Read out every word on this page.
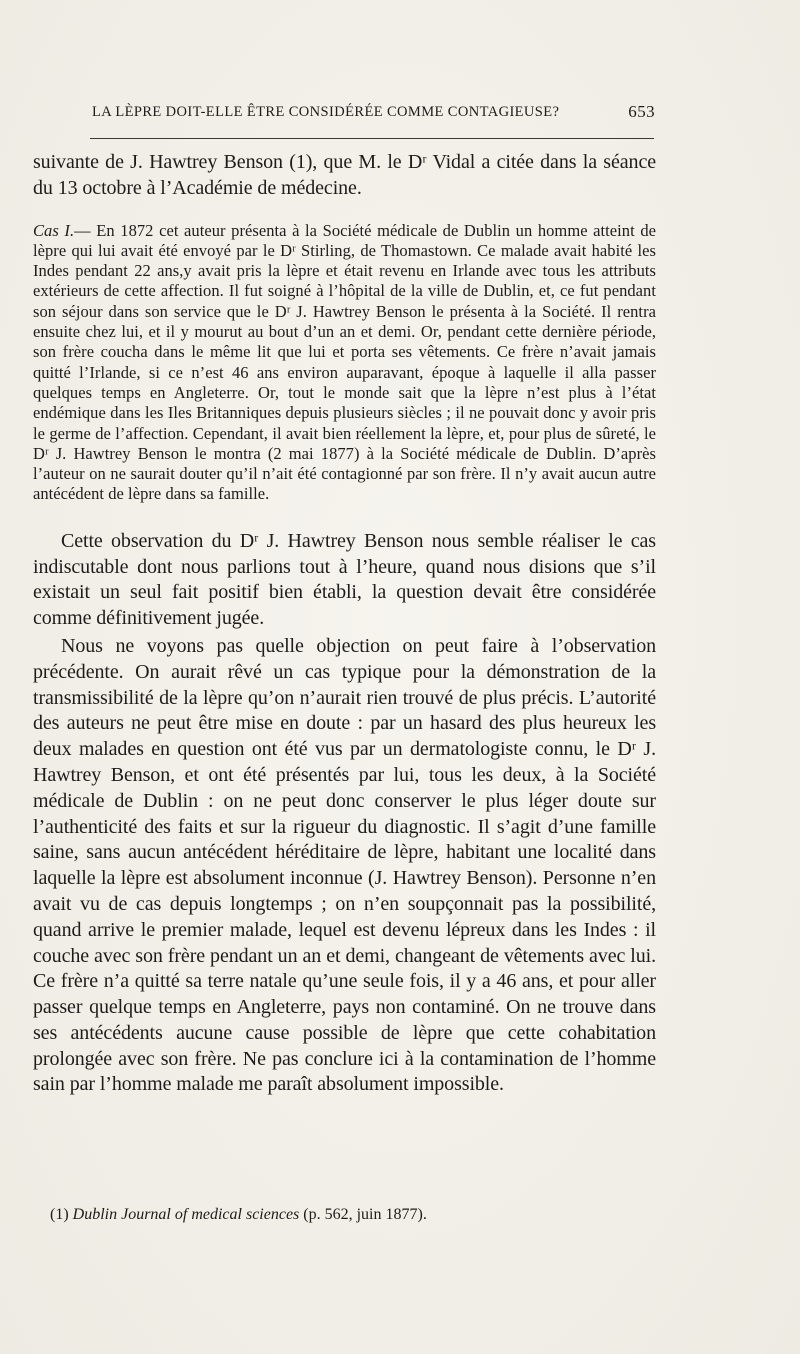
LA LÈPRE DOIT-ELLE ÊTRE CONSIDÉRÉE COMME CONTAGIEUSE?	653

suivante de J. Hawtrey Benson (1), que M. le Dʳ Vidal a citée dans la séance du 13 octobre à l’Académie de médecine.

Cas I.— En 1872 cet auteur présenta à la Société médicale de Dublin un homme atteint de lèpre qui lui avait été envoyé par le Dʳ Stirling, de Thomastown. Ce malade avait habité les Indes pendant 22 ans,y avait pris la lèpre et était revenu en Irlande avec tous les attributs extérieurs de cette affection. Il fut soigné à l’hôpital de la ville de Dublin, et, ce fut pendant son séjour dans son service que le Dʳ J. Hawtrey Benson le présenta à la Société. Il rentra ensuite chez lui, et il y mourut au bout d’un an et demi. Or, pendant cette dernière période, son frère coucha dans le même lit que lui et porta ses vêtements. Ce frère n’avait jamais quitté l’Irlande, si ce n’est 46 ans environ auparavant, époque à laquelle il alla passer quelques temps en Angleterre. Or, tout le monde sait que la lèpre n’est plus à l’état endémique dans les Iles Britanniques depuis plusieurs siècles ; il ne pouvait donc y avoir pris le germe de l’affection. Cependant, il avait bien réellement la lèpre, et, pour plus de sûreté, le Dʳ J. Hawtrey Benson le montra (2 mai 1877) à la Société médicale de Dublin. D’après l’auteur on ne saurait douter qu’il n’ait été contagionné par son frère. Il n’y avait aucun autre antécédent de lèpre dans sa famille.

Cette observation du Dʳ J. Hawtrey Benson nous semble réaliser le cas indiscutable dont nous parlions tout à l’heure, quand nous disions que s’il existait un seul fait positif bien établi, la question devait être considérée comme définitivement jugée.

Nous ne voyons pas quelle objection on peut faire à l’observation précédente. On aurait rêvé un cas typique pour la démonstration de la transmissibilité de la lèpre qu’on n’aurait rien trouvé de plus précis. L’autorité des auteurs ne peut être mise en doute : par un hasard des plus heureux les deux malades en question ont été vus par un dermatologiste connu, le Dʳ J. Hawtrey Benson, et ont été présentés par lui, tous les deux, à la Société médicale de Dublin : on ne peut donc conserver le plus léger doute sur l’authenticité des faits et sur la rigueur du diagnostic. Il s’agit d’une famille saine, sans aucun antécédent héréditaire de lèpre, habitant une localité dans laquelle la lèpre est absolument inconnue (J. Hawtrey Benson). Personne n’en avait vu de cas depuis longtemps ; on n’en soupçonnait pas la possibilité, quand arrive le premier malade, lequel est devenu lépreux dans les Indes : il couche avec son frère pendant un an et demi, changeant de vêtements avec lui. Ce frère n’a quitté sa terre natale qu’une seule fois, il y a 46 ans, et pour aller passer quelque temps en Angleterre, pays non contaminé. On ne trouve dans ses antécédents aucune cause possible de lèpre que cette cohabitation prolongée avec son frère. Ne pas conclure ici à la contamination de l’homme sain par l’homme malade me paraît absolument impossible.

(1) Dublin Journal of medical sciences (p. 562, juin 1877).
